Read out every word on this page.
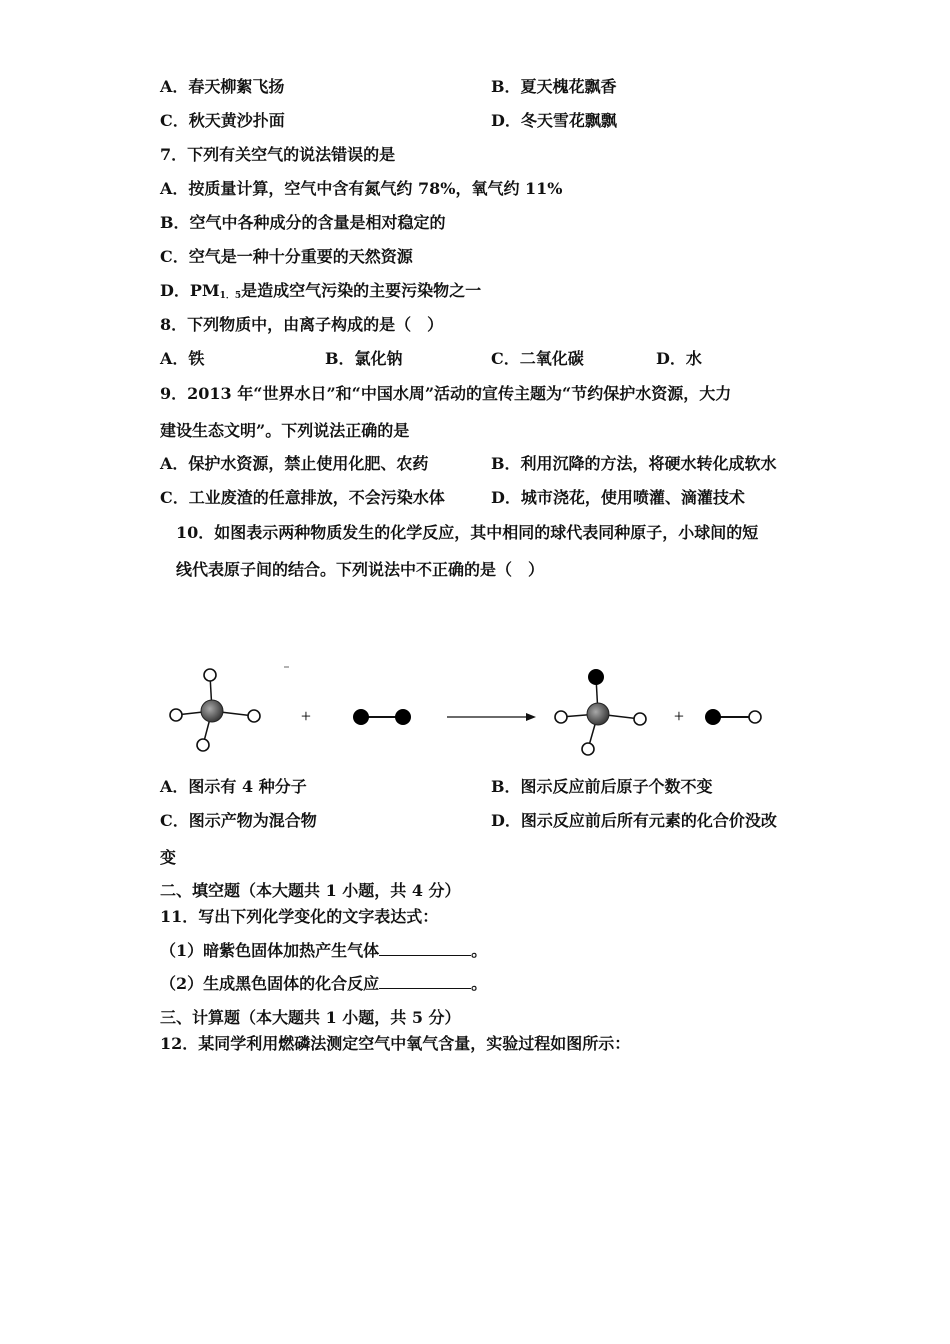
A．春天柳絮飞扬	B．夏天槐花飘香
C．秋天黄沙扑面	D．冬天雪花飘飘
7．下列有关空气的说法错误的是
A．按质量计算，空气中含有氮气约 78%，氧气约 11%
B．空气中各种成分的含量是相对稳定的
C．空气是一种十分重要的天然资源
D．$PM_{1.5}$是造成空气污染的主要污染物之一
8．下列物质中，由离子构成的是（　）
A．铁	B．氯化钠	C．二氧化碳	D．水
9．2013 年“世界水日”和“中国水周”活动的宣传主题为“节约保护水资源，大力
建设生态文明”。下列说法正确的是
A．保护水资源，禁止使用化肥、农药	B．利用沉降的方法，将硬水转化成软水
C．工业废渣的任意排放，不会污染水体	D．城市浇花，使用喷灌、滴灌技术
10．如图表示两种物质发生的化学反应，其中相同的球代表同种原子，小球间的短
线代表原子间的结合。下列说法中不正确的是（　）
+	+
A．图示有 4 种分子	B．图示反应前后原子个数不变
C．图示产物为混合物	D．图示反应前后所有元素的化合价没改
变
二、填空题（本大题共 1 小题，共 4 分）
11．写出下列化学变化的文字表达式：
（1）暗紫色固体加热产生气体	。
（2）生成黑色固体的化合反应	。
三、计算题（本大题共 1 小题，共 5 分）
12．某同学利用燃磷法测定空气中氧气含量，实验过程如图所示：
